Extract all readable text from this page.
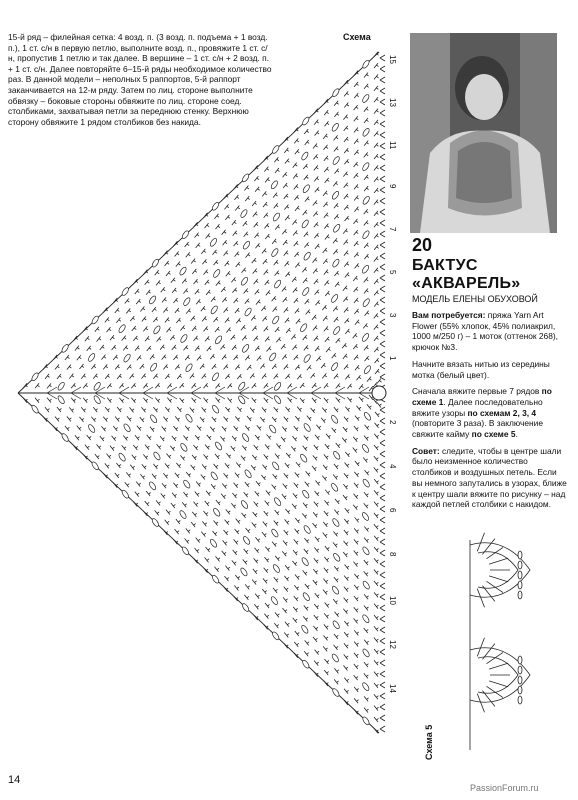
15-й ряд – филейная сетка: 4 возд. п. (3 возд. п. подъема + 1 возд. п.), 1 ст. с/н в первую петлю, выполните возд. п., провяжите 1 ст. с/н, пропустив 1 петлю и так далее. В вершине – 1 ст. с/н + 2 возд. п. + 1 ст. с/н. Далее повторяйте 6–15-й ряды необходимое количество раз. В данной модели – неполных 5 раппортов, 5-й раппорт заканчивается на 12-м ряду. Затем по лиц. стороне выполните обвязку – боковые стороны обвяжите по лиц. стороне соед. столбиками, захватывая петли за переднюю стенку. Верхнюю сторону обвяжите 1 рядом столбиков без накида.

Схема
15
13
11
9
7
5
3
1
2
4
6
8
10
12
14
20
БАКТУС «АКВАРЕЛЬ»
МОДЕЛЬ ЕЛЕНЫ ОБУХОВОЙ

Вам потребуется: пряжа Yarn Art Flower (55% хлопок, 45% полиакрил, 1000 м/250 г) – 1 моток (оттенок 268), крючок №3.

Начните вязать нитью из середины мотка (белый цвет).

Сначала вяжите первые 7 рядов по схеме 1. Далее последовательно вяжите узоры по схемам 2, 3, 4 (повторите 3 раза). В заключение свяжите кайму по схеме 5.

Совет: следите, чтобы в центре шали было неизменное количество столбиков и воздушных петель. Если вы немного запутались в узорах, ближе к центру шали вяжите по рисунку – над каждой петлей столбики с накидом.

Схема 5
14
PassionForum.ru
